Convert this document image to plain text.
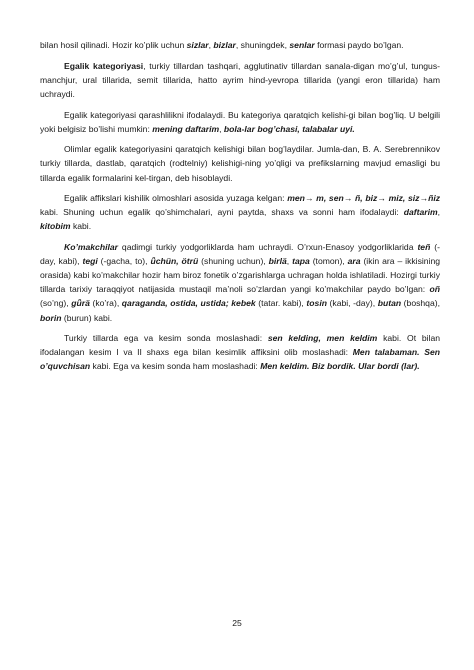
bilan hosil qilinadi. Hozir ko’plik uchun sizlar, bizlar, shuningdek, senlar formasi paydo bo’lgan.

Egalik kategoriyasi, turkiy tillardan tashqari, agglutinativ tillardan sanala-digan mo’g’ul, tungus-manchjur, ural tillarida, semit tillarida, hatto ayrim hind-yevropa tillarida (yangi eron tillarida) ham uchraydi.

Egalik kategoriyasi qarashlilikni ifodalaydi. Bu kategoriya qaratqich kelishi-gi bilan bog’liq. U belgili yoki belgisiz bo’lishi mumkin: mening daftarim, bola-lar bog’chasi, talabalar uyi.

Olimlar egalik kategoriyasini qaratqich kelishigi bilan bog’laydilar. Jumla-dan, B. A. Serebrennikov turkiy tillarda, dastlab, qaratqich (rodtelniy) kelishigi-ning yo’qligi va prefikslarning mavjud emasligi bu tillarda egalik formalarini kel-tirgan, deb hisoblaydi.

Egalik affikslari kishilik olmoshlari asosida yuzaga kelgan: men→ m, sen→ ñ, biz→ miz, siz→ñiz kabi. Shuning uchun egalik qo’shimchalari, ayni paytda, shaxs va sonni ham ifodalaydi: daftarim, kitobim kabi.

Ko’makchilar qadimgi turkiy yodgorliklarda ham uchraydi. O’rxun-Enasoy yodgorliklarida teñ (-day, kabi), tegi (-gacha, to), ǖchün, ötrü (shuning uchun), birlä, tapa (tomon), ara (ikin ara – ikkisining orasida) kabi ko’makchilar hozir ham biroz fonetik o’zgarishlarga uchragan holda ishlatiladi. Hozirgi turkiy tillarda tarixiy taraqqiyot natijasida mustaqil ma’noli so’zlardan yangi ko’makchilar paydo bo’lgan: oñ (so’ng), gǖrä (ko’ra), qaraganda, ostida, ustida; kebek (tatar. kabi), tosin (kabi, -day), butan (boshqa), borin (burun) kabi.

Turkiy tillarda ega va kesim sonda moslashadi: sen kelding, men keldim kabi. Ot bilan ifodalangan kesim I va II shaxs ega bilan kesimlik affiksini olib moslashadi: Men talabaman. Sen o’quvchisan kabi. Ega va kesim sonda ham moslashadi: Men keldim. Biz bordik. Ular bordi (lar).

25
